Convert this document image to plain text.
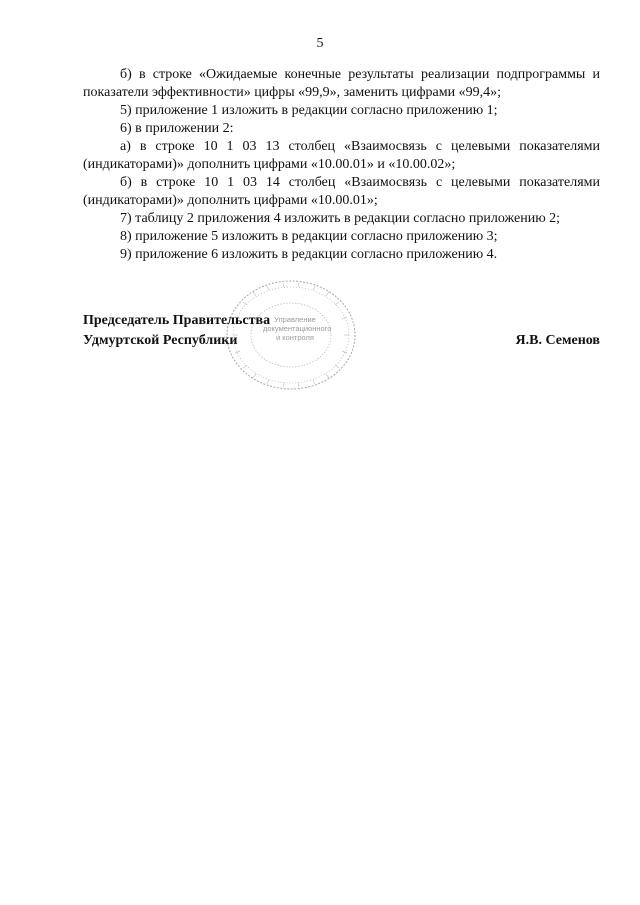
5

б) в строке «Ожидаемые конечные результаты реализации подпрограммы и показатели эффективности» цифры «99,9», заменить цифрами «99,4»;

5) приложение 1 изложить в редакции согласно приложению 1;

6) в приложении 2:

а) в строке 10 1 03 13 столбец «Взаимосвязь с целевыми показателями (индикаторами)» дополнить цифрами «10.00.01» и «10.00.02»;

б) в строке 10 1 03 14 столбец «Взаимосвязь с целевыми показателями (индикаторами)» дополнить цифрами «10.00.01»;

7) таблицу 2 приложения 4 изложить в редакции согласно приложению 2;

8) приложение 5 изложить в редакции согласно приложению 3;

9) приложение 6 изложить в редакции согласно приложению 4.

Управление
документационного
и контроля
Председатель Правительства
Удмуртской Республики	Я.В. Семенов
